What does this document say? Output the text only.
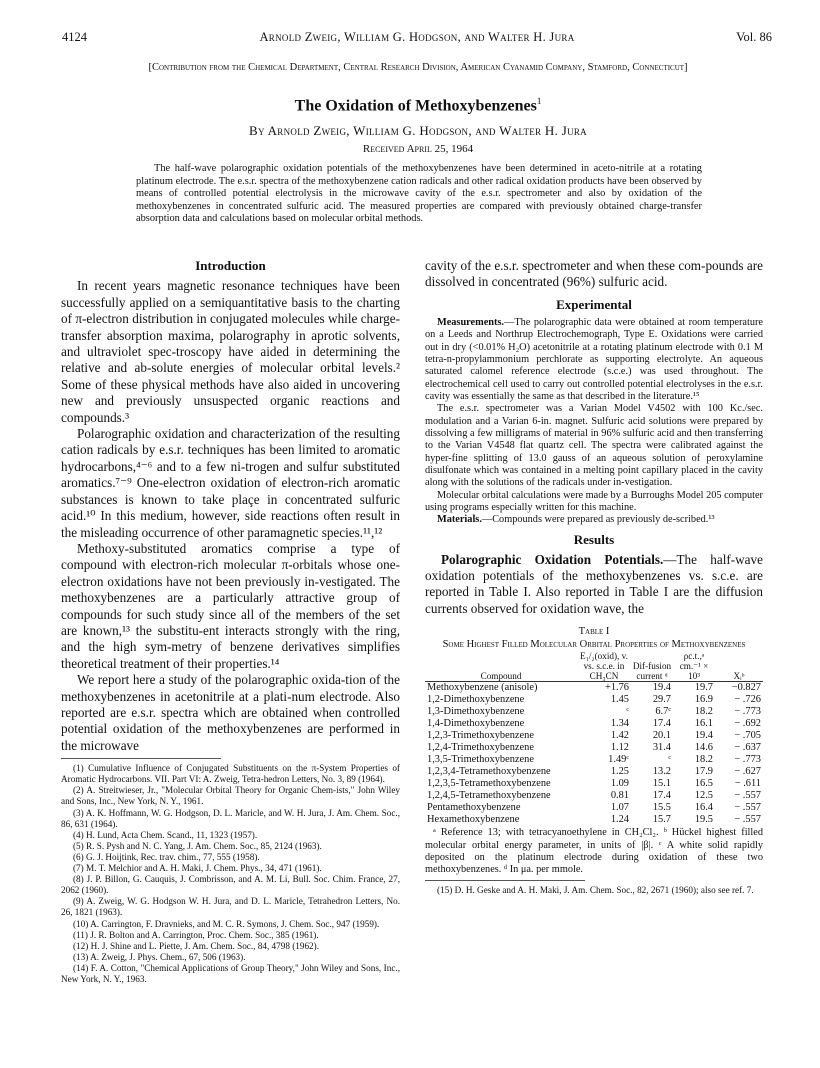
4124	Arnold Zweig, William G. Hodgson, and Walter H. Jura	Vol. 86
[Contribution from the Chemical Department, Central Research Division, American Cyanamid Company, Stamford, Connecticut]
The Oxidation of Methoxybenzenes$^1$
By Arnold Zweig, William G. Hodgson, and Walter H. Jura
Received April 25, 1964
The half-wave polarographic oxidation potentials of the methoxybenzenes have been determined in aceto-nitrile at a rotating platinum electrode. The e.s.r. spectra of the methoxybenzene cation radicals and other radical oxidation products have been observed by means of controlled potential electrolysis in the microwave cavity of the e.s.r. spectrometer and also by oxidation of the methoxybenzenes in concentrated sulfuric acid. The measured properties are compared with previously obtained charge-transfer absorption data and calculations based on molecular orbital methods.
Introduction

In recent years magnetic resonance techniques have been successfully applied on a semiquantitative basis to the charting of π-electron distribution in conjugated molecules while charge-transfer absorption maxima, polarography in aprotic solvents, and ultraviolet spec-troscopy have aided in determining the relative and ab-solute energies of molecular orbital levels.² Some of these physical methods have also aided in uncovering new and previously unsuspected organic reactions and compounds.³

Polarographic oxidation and characterization of the resulting cation radicals by e.s.r. techniques has been limited to aromatic hydrocarbons,⁴⁻⁶ and to a few ni-trogen and sulfur substituted aromatics.⁷⁻⁹ One-electron oxidation of electron-rich aromatic substances is known to take plaçe in concentrated sulfuric acid.¹⁰ In this medium, however, side reactions often result in the misleading occurrence of other paramagnetic species.¹¹,¹²

Methoxy-substituted aromatics comprise a type of compound with electron-rich molecular π-orbitals whose one-electron oxidations have not been previously in-vestigated. The methoxybenzenes are a particularly attractive group of compounds for such study since all of the members of the set are known,¹³ the substitu-ent interacts strongly with the ring, and the high sym-metry of benzene derivatives simplifies theoretical treatment of their properties.¹⁴

We report here a study of the polarographic oxida-tion of the methoxybenzenes in acetonitrile at a plati-num electrode. Also reported are e.s.r. spectra which are obtained when controlled potential oxidation of the methoxybenzenes are performed in the microwave

(1) Cumulative Influence of Conjugated Substituents on the π-System Properties of Aromatic Hydrocarbons. VII. Part VI: A. Zweig, Tetra-hedron Letters, No. 3, 89 (1964).

(2) A. Streitwieser, Jr., "Molecular Orbital Theory for Organic Chem-ists," John Wiley and Sons, Inc., New York, N. Y., 1961.

(3) A. K. Hoffmann, W. G. Hodgson, D. L. Maricle, and W. H. Jura, J. Am. Chem. Soc., 86, 631 (1964).

(4) H. Lund, Acta Chem. Scand., 11, 1323 (1957).

(5) R. S. Pysh and N. C. Yang, J. Am. Chem. Soc., 85, 2124 (1963).

(6) G. J. Hoijtink, Rec. trav. chim., 77, 555 (1958).

(7) M. T. Melchior and A. H. Maki, J. Chem. Phys., 34, 471 (1961).

(8) J. P. Billon, G. Cauquis, J. Combrisson, and A. M. Li, Bull. Soc. Chim. France, 27, 2062 (1960).

(9) A. Zweig, W. G. Hodgson W. H. Jura, and D. L. Maricle, Tetrahedron Letters, No. 26, 1821 (1963).

(10) A. Carrington, F. Dravnieks, and M. C. R. Symons, J. Chem. Soc., 947 (1959).

(11) J. R. Bolton and A. Carrington, Proc. Chem. Soc., 385 (1961).

(12) H. J. Shine and L. Piette, J. Am. Chem. Soc., 84, 4798 (1962).

(13) A. Zweig, J. Phys. Chem., 67, 506 (1963).

(14) F. A. Cotton, "Chemical Applications of Group Theory," John Wiley and Sons, Inc., New York, N. Y., 1963.

cavity of the e.s.r. spectrometer and when these com-pounds are dissolved in concentrated (96%) sulfuric acid.

Experimental

Measurements.—The polarographic data were obtained at room temperature on a Leeds and Northrup Electrochemograph, Type E. Oxidations were carried out in dry (<0.01% H₂O) acetonitrile at a rotating platinum electrode with 0.1 M tetra-n-propylammonium perchlorate as supporting electrolyte. An aqueous saturated calomel reference electrode (s.c.e.) was used throughout. The electrochemical cell used to carry out controlled potential electrolyses in the e.s.r. cavity was essentially the same as that described in the literature.¹⁵

The e.s.r. spectrometer was a Varian Model V4502 with 100 Kc./sec. modulation and a Varian 6-in. magnet. Sulfuric acid solutions were prepared by dissolving a few milligrams of material in 96% sulfuric acid and then transferring to the Varian V4548 flat quartz cell. The spectra were calibrated against the hyper-fine splitting of 13.0 gauss of an aqueous solution of peroxylamine disulfonate which was contained in a melting point capillary placed in the cavity along with the solutions of the radicals under in-vestigation.

Molecular orbital calculations were made by a Burroughs Model 205 computer using programs especially written for this machine.

Materials.—Compounds were prepared as previously de-scribed.¹³

Results

Polarographic Oxidation Potentials.—The half-wave oxidation potentials of the methoxybenzenes vs. s.c.e. are reported in Table I. Also reported in Table I are the diffusion currents observed for oxidation wave, the

Table I
Some Highest Filled Molecular Orbital Properties of Methoxybenzenes
Compound	E₁/₂(oxid), v. vs. s.c.e. in CH₃CN	Dif-fusion current ᵈ	ρc.t.,ᵃ cm.⁻¹ × 10³	Xᵢᵇ
Methoxybenzene (anisole)	+1.76	19.4	19.7	−0.827
1,2-Dimethoxybenzene	1.45	29.7	16.9	− .726
1,3-Dimethoxybenzene	ᶜ	6.7ᶜ	18.2	− .773
1,4-Dimethoxybenzene	1.34	17.4	16.1	− .692
1,2,3-Trimethoxybenzene	1.42	20.1	19.4	− .705
1,2,4-Trimethoxybenzene	1.12	31.4	14.6	− .637
1,3,5-Trimethoxybenzene	1.49ᶜ	ᶜ	18.2	− .773
1,2,3,4-Tetramethoxybenzene	1.25	13.2	17.9	− .627
1,2,3,5-Tetramethoxybenzene	1.09	15.1	16.5	− .611
1,2,4,5-Tetramethoxybenzene	0.81	17.4	12.5	− .557
Pentamethoxybenzene	1.07	15.5	16.4	− .557
Hexamethoxybenzene	1.24	15.7	19.5	− .557
ᵃ Reference 13; with tetracyanoethylene in CH₂Cl₂. ᵇ Hückel highest filled molecular orbital energy parameter, in units of |β|. ᶜ A white solid rapidly deposited on the platinum electrode during oxidation of these two methoxybenzenes. ᵈ In μa. per mmole.

(15) D. H. Geske and A. H. Maki, J. Am. Chem. Soc., 82, 2671 (1960); also see ref. 7.
